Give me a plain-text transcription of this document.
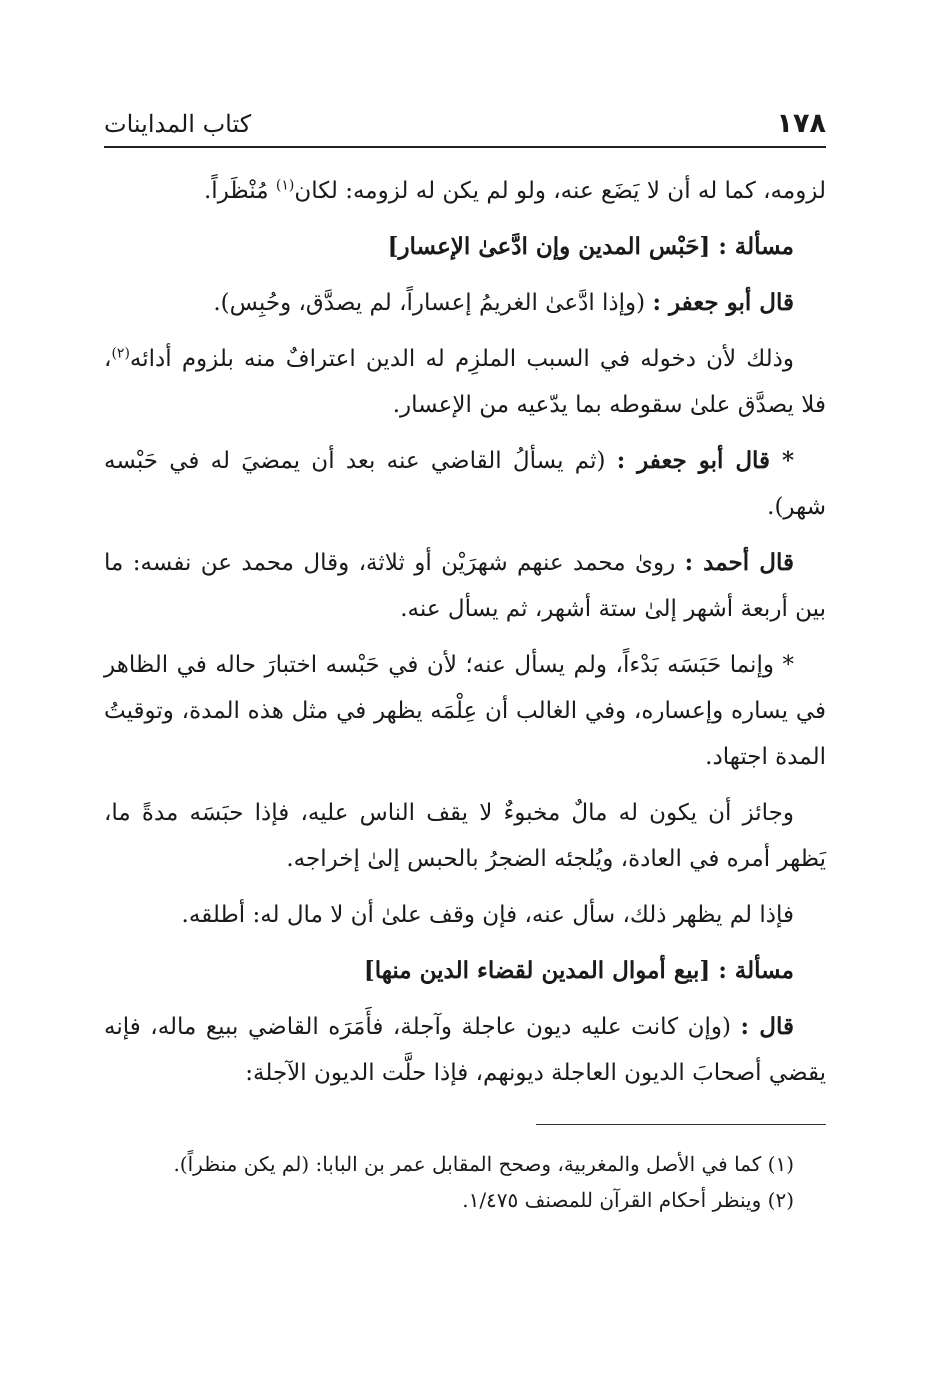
١٧٨
كتاب المداينات

لزومه، كما له أن لا يَضَع عنه، ولو لم يكن له لزومه: لكان$^{(١)}$ مُنْظَراً.

مسألة : [حَبْس المدين وإن ادَّعىٰ الإعسار]

قال أبو جعفر : (وإذا ادَّعىٰ الغريمُ إعساراً، لم يصدَّق، وحُبِس).

وذلك لأن دخوله في السبب الملزِم له الدين اعترافٌ منه بلزوم أدائه$^{(٢)}$، فلا يصدَّق علىٰ سقوطه بما يدّعيه من الإعسار.

* قال أبو جعفر : (ثم يسألُ القاضي عنه بعد أن يمضيَ له في حَبْسه شهر).

قال أحمد : روىٰ محمد عنهم شهرَيْن أو ثلاثة، وقال محمد عن نفسه: ما بين أربعة أشهر إلىٰ ستة أشهر، ثم يسأل عنه.

* وإنما حَبَسَه بَدْءاً، ولم يسأل عنه؛ لأن في حَبْسه اختبارَ حاله في الظاهر في يساره وإعساره، وفي الغالب أن عِلْمَه يظهر في مثل هذه المدة، وتوقيتُ المدة اجتهاد.

وجائز أن يكون له مالٌ مخبوءٌ لا يقف الناس عليه، فإذا حبَسَه مدةً ما، يَظهر أمره في العادة، ويُلجئه الضجرُ بالحبس إلىٰ إخراجه.

فإذا لم يظهر ذلك، سأل عنه، فإن وقف علىٰ أن لا مال له: أطلقه.

مسألة : [بيع أموال المدين لقضاء الدين منها]

قال : (وإن كانت عليه ديون عاجلة وآجلة، فأَمَرَه القاضي ببيع ماله، فإنه يقضي أصحابَ الديون العاجلة ديونهم، فإذا حلَّت الديون الآجلة:

(١) كما في الأصل والمغربية، وصحح المقابل عمر بن البابا: (لم يكن منظراً).

(٢) وينظر أحكام القرآن للمصنف ١/٤٧٥.
